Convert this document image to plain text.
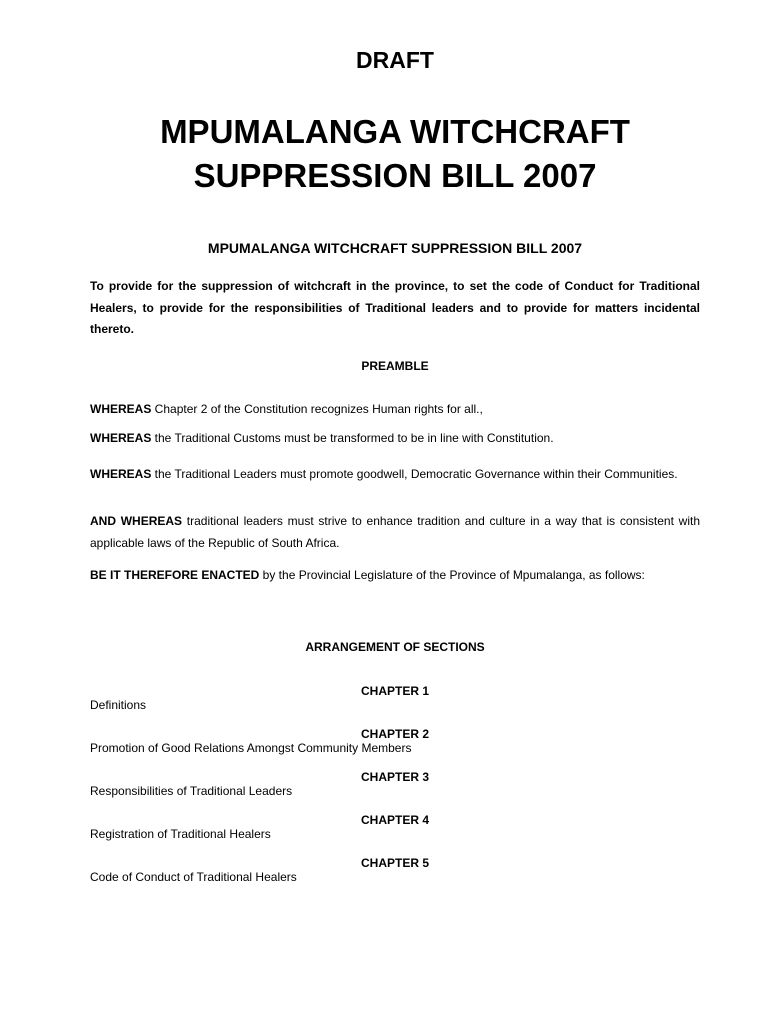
DRAFT
MPUMALANGA WITCHCRAFT
SUPPRESSION BILL 2007
MPUMALANGA WITCHCRAFT SUPPRESSION BILL 2007

To provide for the suppression of witchcraft in the province, to set the code of Conduct for Traditional Healers, to provide for the responsibilities of Traditional leaders and to provide for matters incidental thereto.

PREAMBLE

WHEREAS Chapter 2 of the Constitution recognizes Human rights for all.,

WHEREAS the Traditional Customs must be transformed to be in line with Constitution.

WHEREAS the Traditional Leaders must promote goodwell, Democratic Governance within their Communities.

AND WHEREAS traditional leaders must strive to enhance tradition and culture in a way that is consistent with applicable laws of the Republic of South Africa.

BE IT THEREFORE ENACTED by the Provincial Legislature of the Province of Mpumalanga, as follows:

ARRANGEMENT OF SECTIONS
CHAPTER 1
Definitions
CHAPTER 2
Promotion of Good Relations Amongst Community Members
CHAPTER 3
Responsibilities of Traditional Leaders
CHAPTER 4
Registration of Traditional Healers
CHAPTER 5
Code of Conduct of Traditional Healers
